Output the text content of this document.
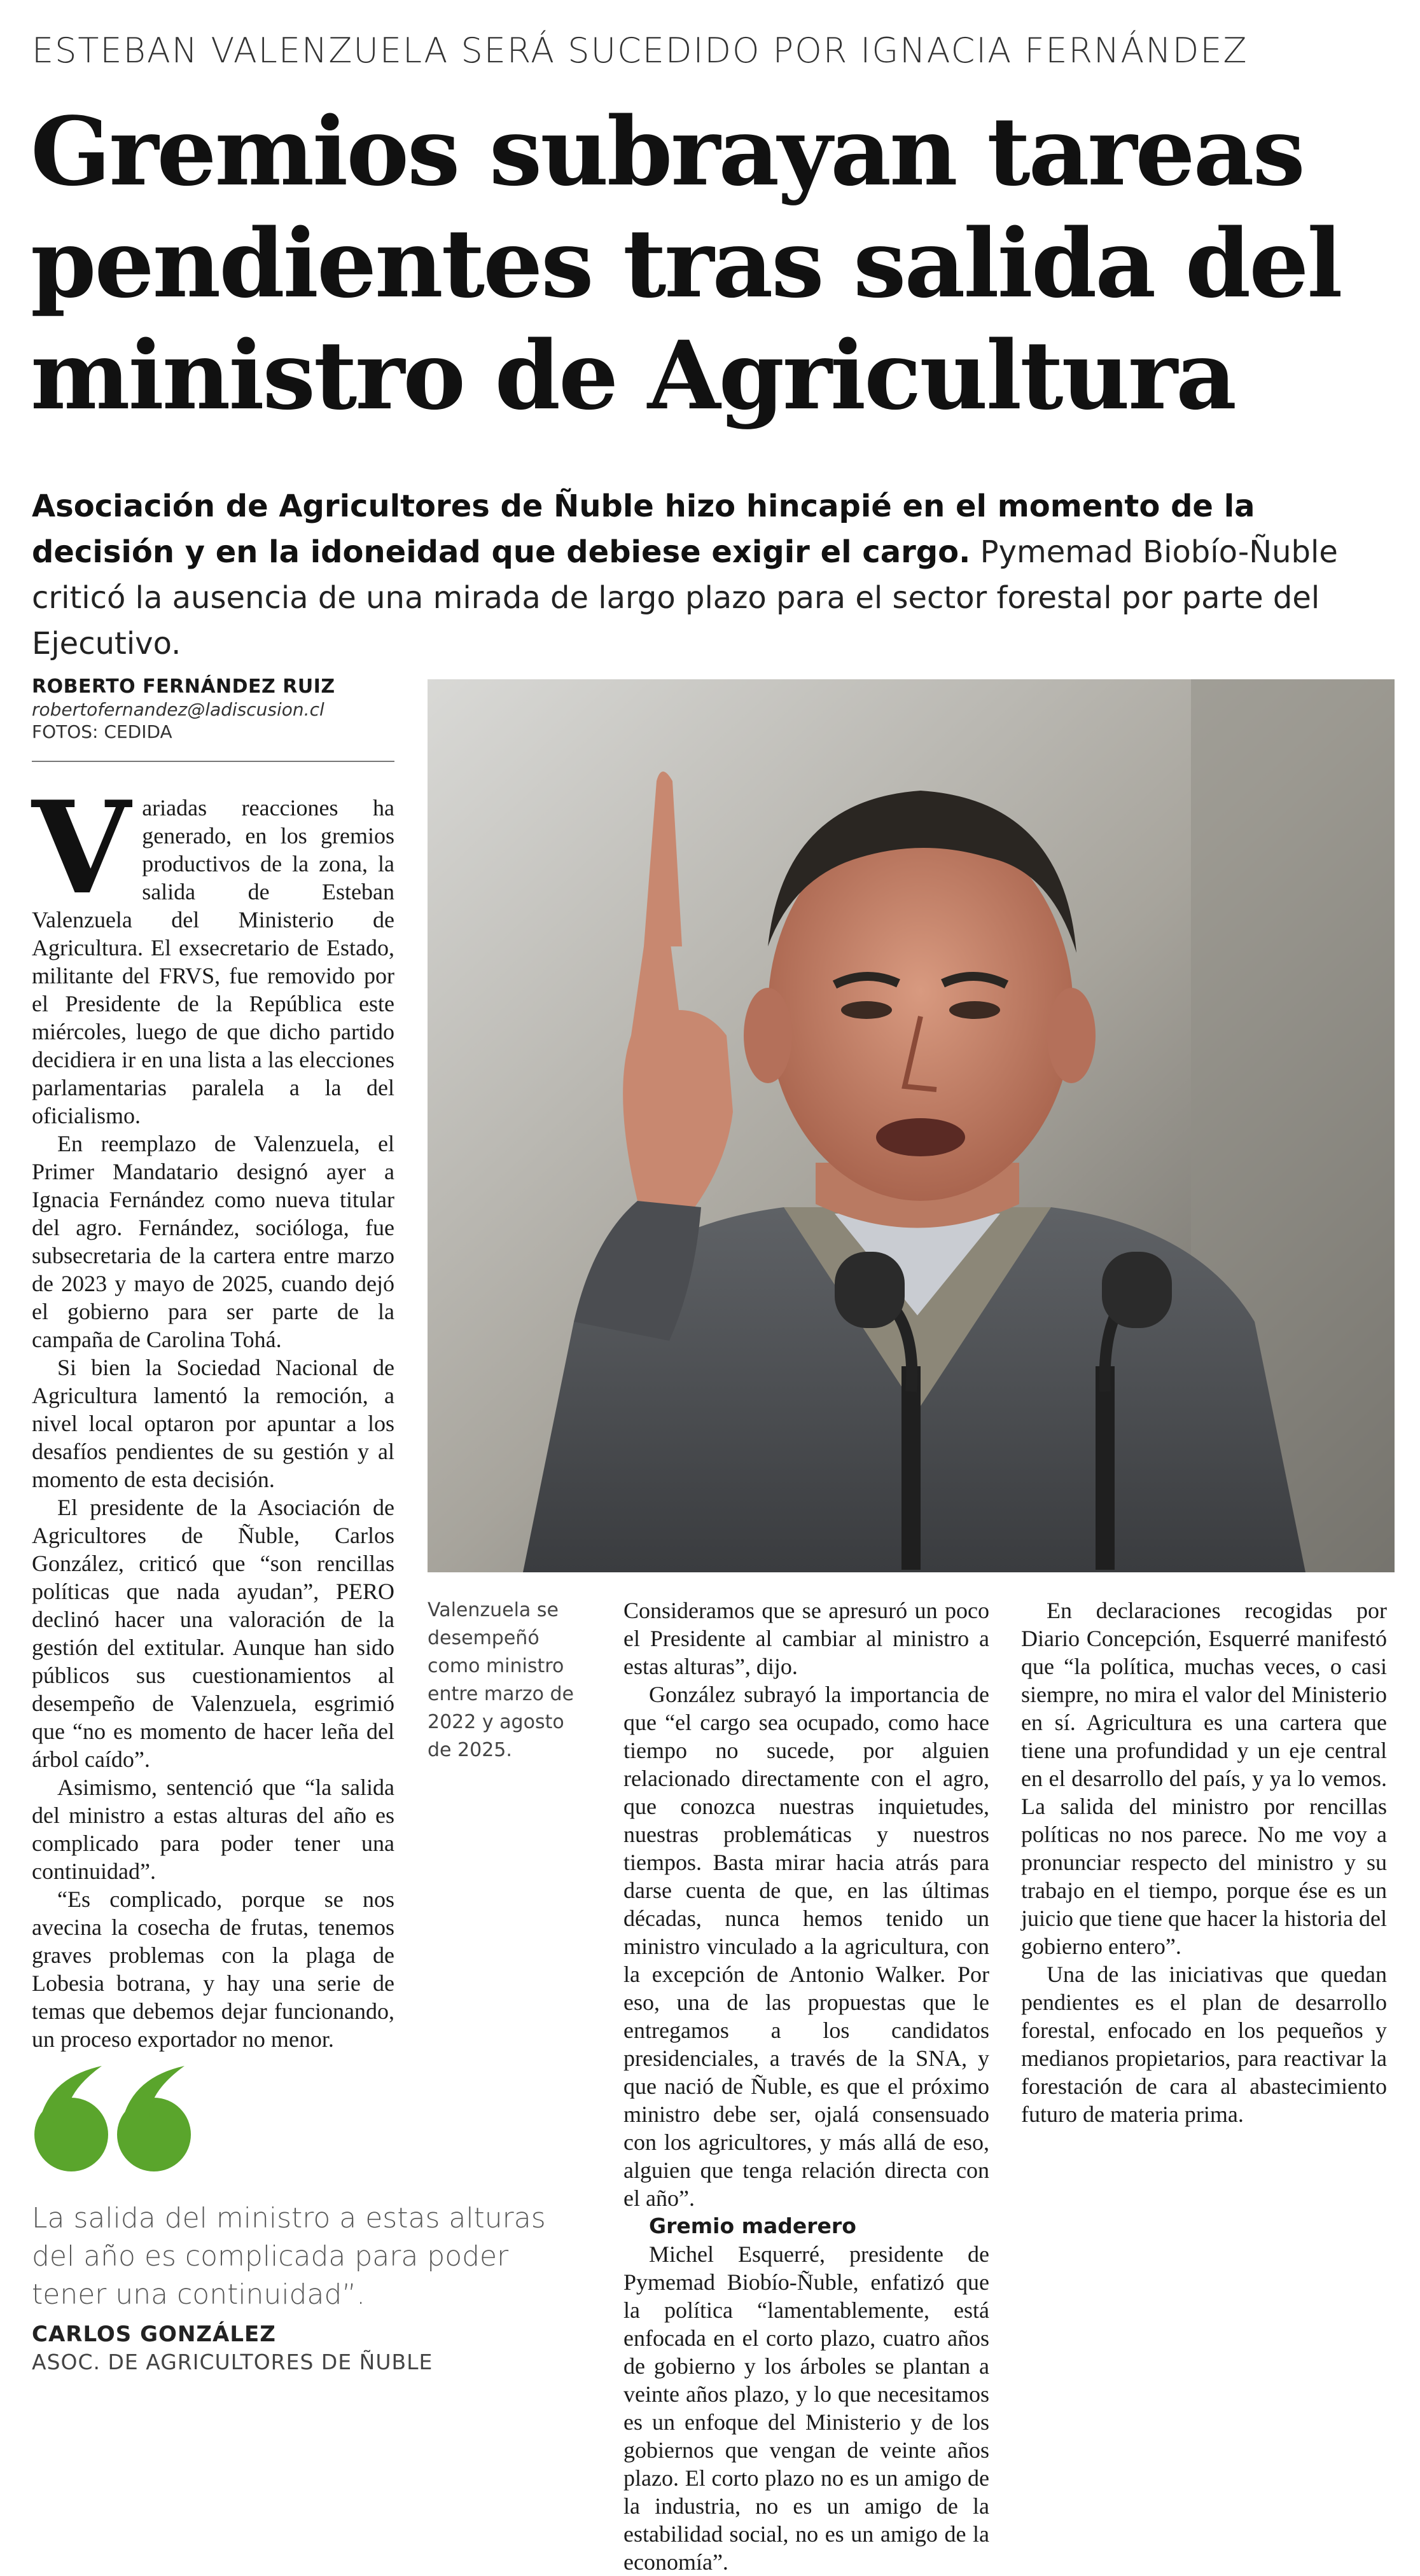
ESTEBAN VALENZUELA SERÁ SUCEDIDO POR IGNACIA FERNÁNDEZ
Gremios subrayan tareas pendientes tras salida del ministro de Agricultura
Asociación de Agricultores de Ñuble hizo hincapié en el momento de la decisión y en la idoneidad que debiese exigir el cargo. Pymemad Biobío-Ñuble criticó la ausencia de una mirada de largo plazo para el sector forestal por parte del Ejecutivo.
ROBERTO FERNÁNDEZ RUIZ
robertofernandez@ladiscusion.cl
FOTOS: CEDIDA
Valenzuela se desempeñó como ministro entre marzo de 2022 y agosto de 2025.

Variadas reacciones ha generado, en los gremios productivos de la zona, la salida de Esteban Valenzuela del Ministerio de Agricultura. El exsecretario de Estado, militante del FRVS, fue removido por el Presidente de la República este miércoles, luego de que dicho partido decidiera ir en una lista a las elecciones parlamentarias paralela a la del oficialismo.

En reemplazo de Valenzuela, el Primer Mandatario designó ayer a Ignacia Fernández como nueva titular del agro. Fernández, socióloga, fue subsecretaria de la cartera entre marzo de 2023 y mayo de 2025, cuando dejó el gobierno para ser parte de la campaña de Carolina Tohá.

Si bien la Sociedad Nacional de Agricultura lamentó la remoción, a nivel local optaron por apuntar a los desafíos pendientes de su gestión y al momento de esta decisión.

El presidente de la Asociación de Agricultores de Ñuble, Carlos González, criticó que “son rencillas políticas que nada ayudan”, PERO declinó hacer una valoración de la gestión del extitular. Aunque han sido públicos sus cuestionamientos al desempeño de Valenzuela, esgrimió que “no es momento de hacer leña del árbol caído”.

Asimismo, sentenció que “la salida del ministro a estas alturas del año es complicado para poder tener una continuidad”.

“Es complicado, porque se nos avecina la cosecha de frutas, tenemos graves problemas con la plaga de Lobesia botrana, y hay una serie de temas que debemos dejar funcionando, un proceso exportador no menor.

Consideramos que se apresuró un poco el Presidente al cambiar al ministro a estas alturas”, dijo.

González subrayó la importancia de que “el cargo sea ocupado, como hace tiempo no sucede, por alguien relacionado directamente con el agro, que conozca nuestras inquietudes, nuestras problemáticas y nuestros tiempos. Basta mirar hacia atrás para darse cuenta de que, en las últimas décadas, nunca hemos tenido un ministro vinculado a la agricultura, con la excepción de Antonio Walker. Por eso, una de las propuestas que le entregamos a los candidatos presidenciales, a través de la SNA, y que nació de Ñuble, es que el próximo ministro debe ser, ojalá consensuado con los agricultores, y más allá de eso, alguien que tenga relación directa con el año”.

Gremio maderero

Michel Esquerré, presidente de Pymemad Biobío-Ñuble, enfatizó que la política “lamentablemente, está enfocada en el corto plazo, cuatro años de gobierno y los árboles se plantan a veinte años plazo, y lo que necesitamos es un enfoque del Ministerio y de los gobiernos que vengan de veinte años plazo. El corto plazo no es un amigo de la industria, no es un amigo de la estabilidad social, no es un amigo de la economía”.

En declaraciones recogidas por Diario Concepción, Esquerré manifestó que “la política, muchas veces, o casi siempre, no mira el valor del Ministerio en sí. Agricultura es una cartera que tiene una profundidad y un eje central en el desarrollo del país, y ya lo vemos. La salida del ministro por rencillas políticas no nos parece. No me voy a pronunciar respecto del ministro y su trabajo en el tiempo, porque ése es un juicio que tiene que hacer la historia del gobierno entero”.

Una de las iniciativas que quedan pendientes es el plan de desarrollo forestal, enfocado en los pequeños y medianos propietarios, para reactivar la forestación de cara al abastecimiento futuro de materia prima.

La salida del ministro a estas alturas del año es complicada para poder tener una continuidad”.
CARLOS GONZÁLEZ
ASOC. DE AGRICULTORES DE ÑUBLE
